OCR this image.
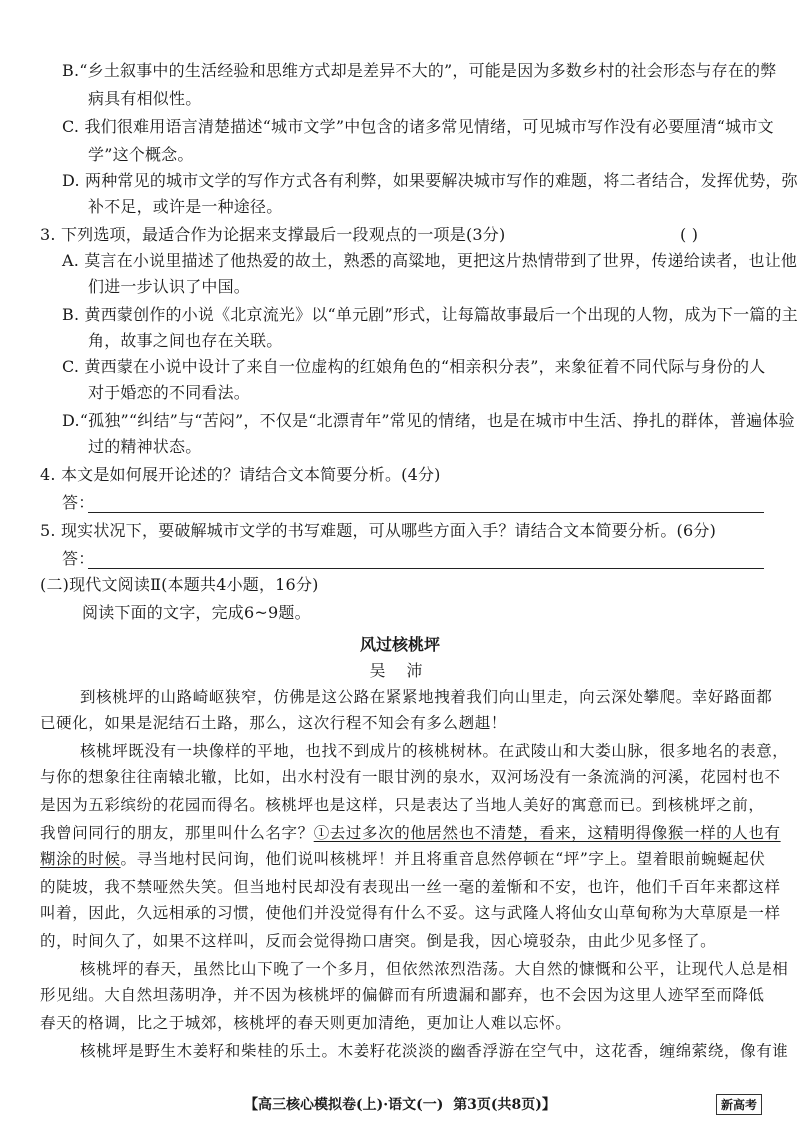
B.“乡土叙事中的生活经验和思维方式却是差异不大的”，可能是因为多数乡村的社会形态与存在的弊
病具有相似性。
C. 我们很难用语言清楚描述“城市文学”中包含的诸多常见情绪，可见城市写作没有必要厘清“城市文
学”这个概念。
D. 两种常见的城市文学的写作方式各有利弊，如果要解决城市写作的难题，将二者结合，发挥优势，弥
补不足，或许是一种途径。
3. 下列选项，最适合作为论据来支撑最后一段观点的一项是(3分)	( )
A. 莫言在小说里描述了他热爱的故土，熟悉的高粱地，更把这片热情带到了世界，传递给读者，也让他
们进一步认识了中国。
B. 黄西蒙创作的小说《北京流光》以“单元剧”形式，让每篇故事最后一个出现的人物，成为下一篇的主
角，故事之间也存在关联。
C. 黄西蒙在小说中设计了来自一位虚构的红娘角色的“相亲积分表”，来象征着不同代际与身份的人
对于婚恋的不同看法。
D.“孤独”“纠结”与“苦闷”，不仅是“北漂青年”常见的情绪，也是在城市中生活、挣扎的群体，普遍体验
过的精神状态。
4. 本文是如何展开论述的？请结合文本简要分析。(4分)
答：
5. 现实状况下，要破解城市文学的书写难题，可从哪些方面入手？请结合文本简要分析。(6分)
答：
(二)现代文阅读Ⅱ(本题共4小题，16分)
阅读下面的文字，完成6~9题。
风过核桃坪
吴 沛
到核桃坪的山路崎岖狭窄，仿佛是这公路在紧紧地拽着我们向山里走，向云深处攀爬。幸好路面都
已硬化，如果是泥结石土路，那么，这次行程不知会有多么趔趄！
核桃坪既没有一块像样的平地，也找不到成片的核桃树林。在武陵山和大娄山脉，很多地名的表意，
与你的想象往往南辕北辙，比如，出水村没有一眼甘洌的泉水，双河场没有一条流淌的河溪，花园村也不
是因为五彩缤纷的花园而得名。核桃坪也是这样，只是表达了当地人美好的寓意而已。到核桃坪之前，
我曾问同行的朋友，那里叫什么名字？①去过多次的他居然也不清楚，看来，这精明得像猴一样的人也有
糊涂的时候。寻当地村民问询，他们说叫核桃坪！并且将重音息然停顿在“坪”字上。望着眼前蜿蜒起伏
的陡坡，我不禁哑然失笑。但当地村民却没有表现出一丝一毫的羞惭和不安，也许，他们千百年来都这样
叫着，因此，久远相承的习惯，使他们并没觉得有什么不妥。这与武隆人将仙女山草甸称为大草原是一样
的，时间久了，如果不这样叫，反而会觉得拗口唐突。倒是我，因心境驳杂，由此少见多怪了。
核桃坪的春天，虽然比山下晚了一个多月，但依然浓烈浩荡。大自然的慷慨和公平，让现代人总是相
形见绌。大自然坦荡明净，并不因为核桃坪的偏僻而有所遗漏和鄙弃，也不会因为这里人迹罕至而降低
春天的格调，比之于城郊，核桃坪的春天则更加清绝，更加让人难以忘怀。
核桃坪是野生木姜籽和柴桂的乐土。木姜籽花淡淡的幽香浮游在空气中，这花香，缠绵萦绕，像有谁
【高三核心模拟卷(上)·语文(一) 第3页(共8页)】	新高考
